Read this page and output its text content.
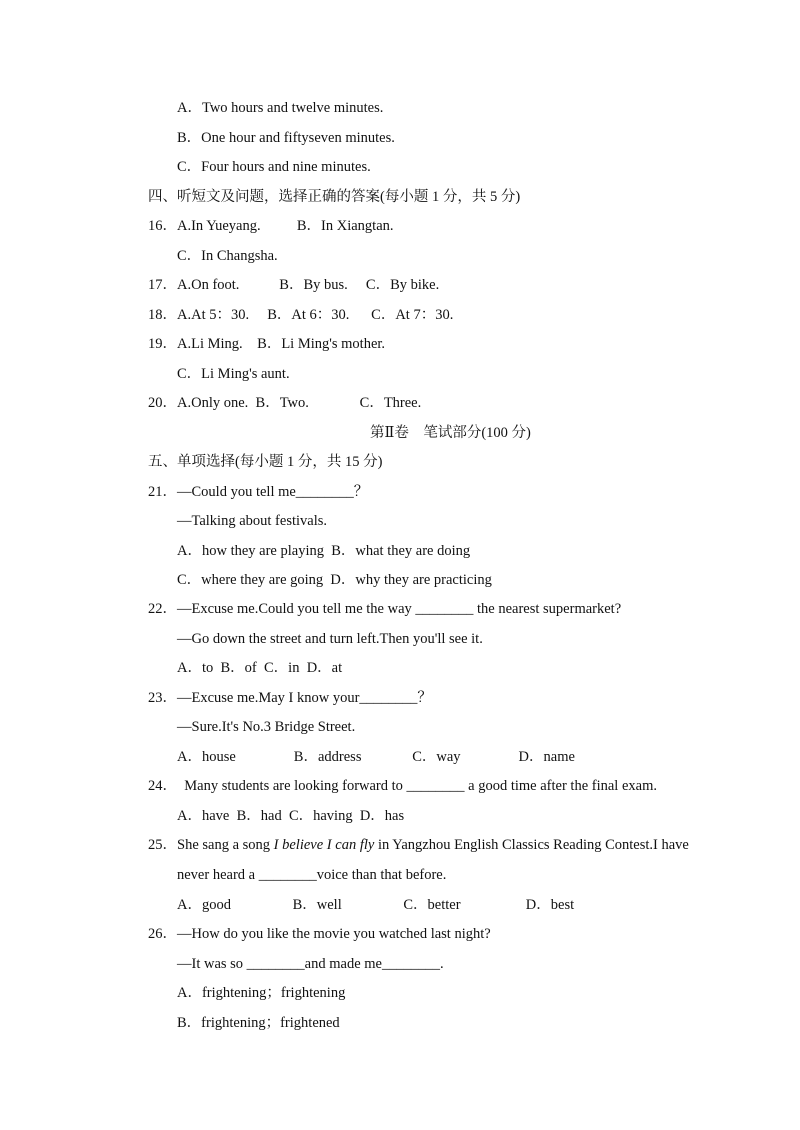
A．Two hours and twelve minutes.
B．One hour and fiftyseven minutes.
C．Four hours and nine minutes.
四、听短文及问题，选择正确的答案(每小题 1 分，共 5 分)
16．A.In Yueyang.          B．In Xiangtan.
C．In Changsha.
17．A.On foot.           B．By bus.     C．By bike.
18．A.At 5：30.     B．At 6：30.      C．At 7：30.
19．A.Li Ming.    B．Li Ming's mother.
C．Li Ming's aunt.
20．A.Only one.  B．Two.              C．Three.
第Ⅱ卷    笔试部分(100 分)
五、单项选择(每小题 1 分，共 15 分)
21．—Could you tell me________？
—Talking about festivals.
A．how they are playing  B．what they are doing
C．where they are going  D．why they are practicing
22．—Excuse me.Could you tell me the way ________ the nearest supermarket?
—Go down the street and turn left.Then you'll see it.
A．to  B．of  C．in  D．at
23．—Excuse me.May I know your________？
—Sure.It's No.3 Bridge Street.
A．house                B．address              C．way                D．name
24．  Many students are looking forward to ________ a good time after the final exam.
A．have  B．had  C．having  D．has
25．She sang a song I believe I can fly in Yangzhou English Classics Reading Contest.I have
never heard a ________voice than that before.
A．good                 B．well                 C．better                  D．best
26．—How do you like the movie you watched last night?
—It was so ________and made me________.
A．frightening；frightening
B．frightening；frightened
